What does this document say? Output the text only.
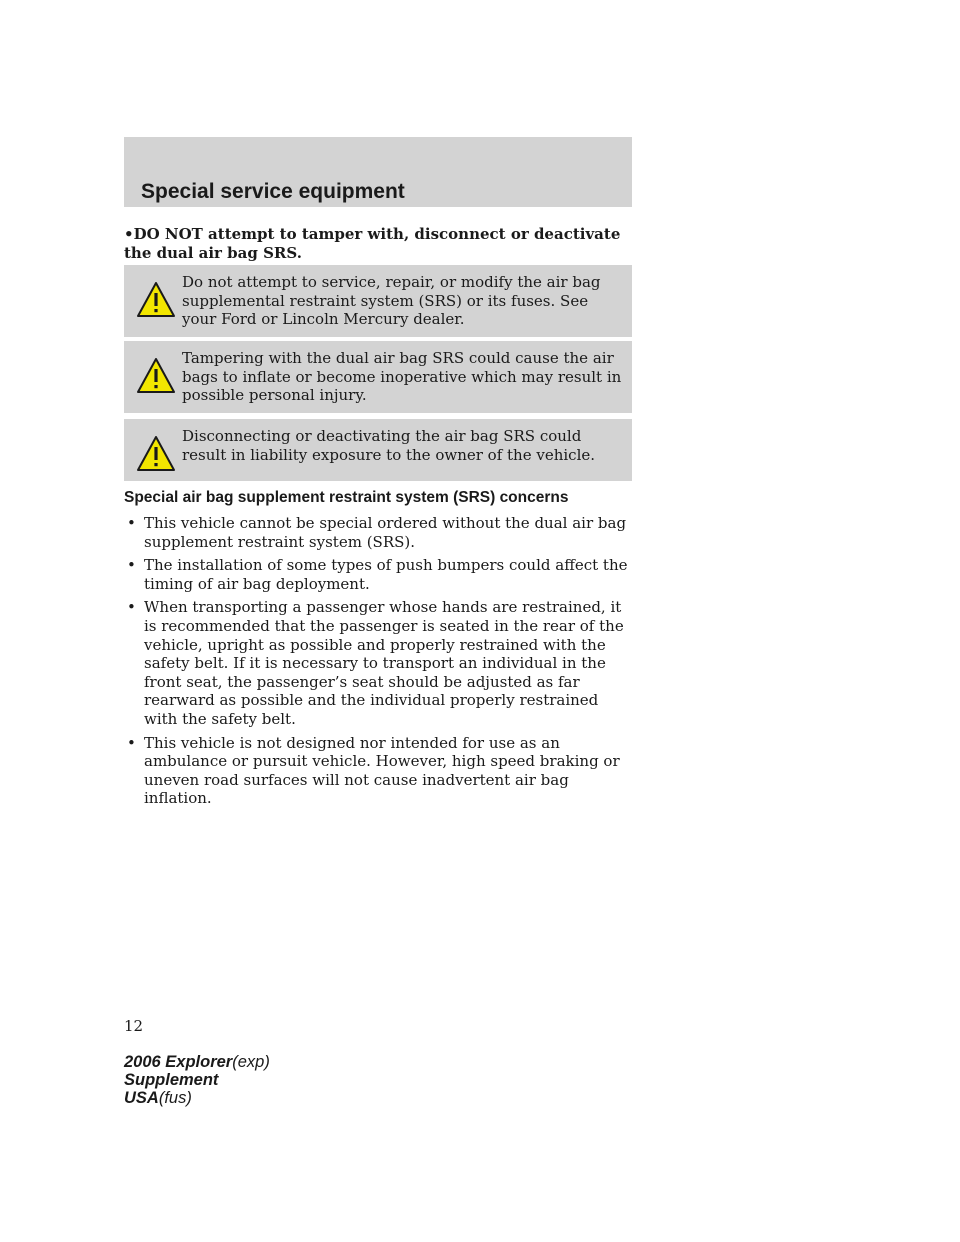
Special service equipment

•DO NOT attempt to tamper with, disconnect or deactivate the dual air bag SRS.

Do not attempt to service, repair, or modify the air bag supplemental restraint system (SRS) or its fuses. See your Ford or Lincoln Mercury dealer.

Tampering with the dual air bag SRS could cause the air bags to inflate or become inoperative which may result in possible personal injury.

Disconnecting or deactivating the air bag SRS could result in liability exposure to the owner of the vehicle.

Special air bag supplement restraint system (SRS) concerns
• This vehicle cannot be special ordered without the dual air bag supplement restraint system (SRS).
• The installation of some types of push bumpers could affect the timing of air bag deployment.
• When transporting a passenger whose hands are restrained, it is recommended that the passenger is seated in the rear of the vehicle, upright as possible and properly restrained with the safety belt. If it is necessary to transport an individual in the front seat, the passenger’s seat should be adjusted as far rearward as possible and the individual properly restrained with the safety belt.
• This vehicle is not designed nor intended for use as an ambulance or pursuit vehicle. However, high speed braking or uneven road surfaces will not cause inadvertent air bag inflation.

12

2006 Explorer(exp)
Supplement
USA(fus)
